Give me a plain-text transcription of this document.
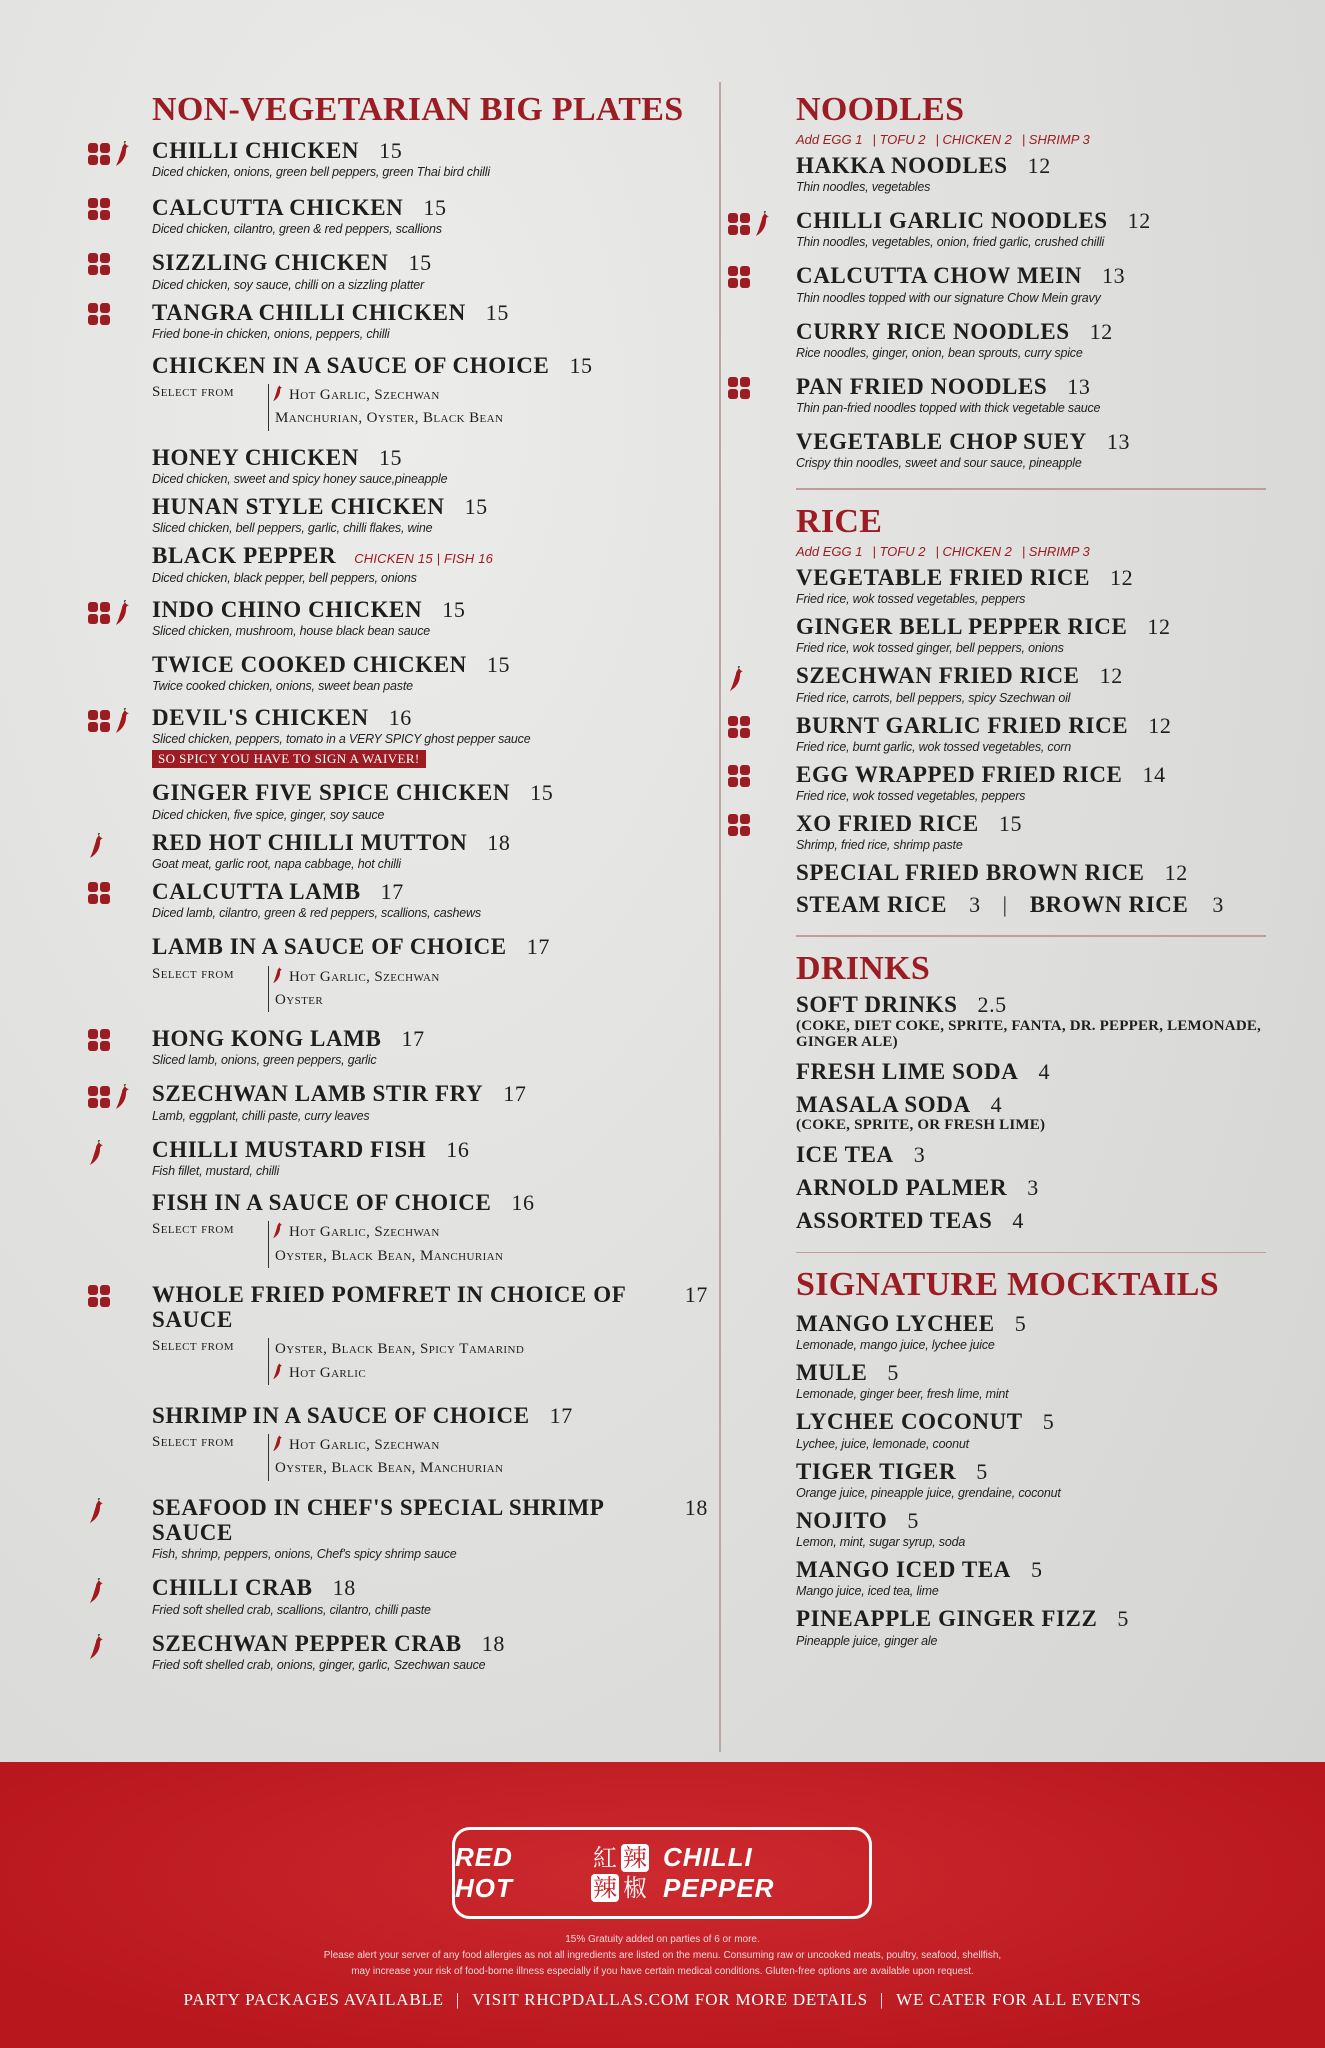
NON-VEGETARIAN BIG PLATES
CHILLI CHICKEN 15
Diced chicken, onions, green bell peppers, green Thai bird chilli
CALCUTTA CHICKEN 15
Diced chicken, cilantro, green & red peppers, scallions
SIZZLING CHICKEN 15
Diced chicken, soy sauce, chilli on a sizzling platter
TANGRA CHILLI CHICKEN 15
Fried bone-in chicken, onions, peppers, chilli
CHICKEN IN A SAUCE OF CHOICE 15
Select from	Hot Garlic, Szechwan
Manchurian, Oyster, Black Bean
HONEY CHICKEN 15
Diced chicken, sweet and spicy honey sauce,pineapple
HUNAN STYLE CHICKEN 15
Sliced chicken, bell peppers, garlic, chilli flakes, wine
BLACK PEPPER CHICKEN 15 | FISH 16
Diced chicken, black pepper, bell peppers, onions
INDO CHINO CHICKEN 15
Sliced chicken, mushroom, house black bean sauce
TWICE COOKED CHICKEN 15
Twice cooked chicken, onions, sweet bean paste
DEVIL'S CHICKEN 16
Sliced chicken, peppers, tomato in a VERY SPICY ghost pepper sauce
SO SPICY YOU HAVE TO SIGN A WAIVER!
GINGER FIVE SPICE CHICKEN 15
Diced chicken, five spice, ginger, soy sauce
RED HOT CHILLI MUTTON 18
Goat meat, garlic root, napa cabbage, hot chilli
CALCUTTA LAMB 17
Diced lamb, cilantro, green & red peppers, scallions, cashews
LAMB IN A SAUCE OF CHOICE 17
Select from	Hot Garlic, Szechwan
Oyster
HONG KONG LAMB 17
Sliced lamb, onions, green peppers, garlic
SZECHWAN LAMB STIR FRY 17
Lamb, eggplant, chilli paste, curry leaves
CHILLI MUSTARD FISH 16
Fish fillet, mustard, chilli
FISH IN A SAUCE OF CHOICE 16
Select from	Hot Garlic, Szechwan
Oyster, Black Bean, Manchurian
WHOLE FRIED POMFRET IN CHOICE OF SAUCE
17
Select from	Oyster, Black Bean, Spicy Tamarind
Hot Garlic
SHRIMP IN A SAUCE OF CHOICE 17
Select from	Hot Garlic, Szechwan
Oyster, Black Bean, Manchurian
SEAFOOD IN CHEF'S SPECIAL SHRIMP SAUCE
18
Fish, shrimp, peppers, onions, Chef's spicy shrimp sauce
CHILLI CRAB 18
Fried soft shelled crab, scallions, cilantro, chilli paste
SZECHWAN PEPPER CRAB 18
Fried soft shelled crab, onions, ginger, garlic, Szechwan sauce
NOODLES
Add EGG 1 | TOFU 2 | CHICKEN 2 | SHRIMP 3
HAKKA NOODLES 12
Thin noodles, vegetables
CHILLI GARLIC NOODLES 12
Thin noodles, vegetables, onion, fried garlic, crushed chilli
CALCUTTA CHOW MEIN 13
Thin noodles topped with our signature Chow Mein gravy
CURRY RICE NOODLES 12
Rice noodles, ginger, onion, bean sprouts, curry spice
PAN FRIED NOODLES 13
Thin pan-fried noodles topped with thick vegetable sauce
VEGETABLE CHOP SUEY 13
Crispy thin noodles, sweet and sour sauce, pineapple
RICE
Add EGG 1 | TOFU 2 | CHICKEN 2 | SHRIMP 3
VEGETABLE FRIED RICE 12
Fried rice, wok tossed vegetables, peppers
GINGER BELL PEPPER RICE 12
Fried rice, wok tossed ginger, bell peppers, onions
SZECHWAN FRIED RICE 12
Fried rice, carrots, bell peppers, spicy Szechwan oil
BURNT GARLIC FRIED RICE 12
Fried rice, burnt garlic, wok tossed vegetables, corn
EGG WRAPPED FRIED RICE 14
Fried rice, wok tossed vegetables, peppers
XO FRIED RICE 15
Shrimp, fried rice, shrimp paste
SPECIAL FRIED BROWN RICE 12
STEAM RICE 3 | BROWN RICE 3
DRINKS
SOFT DRINKS 2.5
(COKE, DIET COKE, SPRITE, FANTA, DR. PEPPER, LEMONADE, GINGER ALE)
FRESH LIME SODA 4
MASALA SODA 4
(COKE, SPRITE, OR FRESH LIME)
ICE TEA 3
ARNOLD PALMER 3
ASSORTED TEAS 4
SIGNATURE MOCKTAILS
MANGO LYCHEE 5
Lemonade, mango juice, lychee juice
MULE 5
Lemonade, ginger beer, fresh lime, mint
LYCHEE COCONUT 5
Lychee, juice, lemonade, coonut
TIGER TIGER 5
Orange juice, pineapple juice, grendaine, coconut
NOJITO 5
Lemon, mint, sugar syrup, soda
MANGO ICED TEA 5
Mango juice, iced tea, lime
PINEAPPLE GINGER FIZZ 5
Pineapple juice, ginger ale
RED HOT
紅 辣
辣 椒
CHILLI PEPPER
15% Gratuity added on parties of 6 or more.
Please alert your server of any food allergies as not all ingredients are listed on the menu. Consuming raw or uncooked meats, poultry, seafood, shellfish,
may increase your risk of food-borne illness especially if you have certain medical conditions. Gluten-free options are available upon request.
PARTY PACKAGES AVAILABLE | VISIT RHCPDALLAS.COM FOR MORE DETAILS | WE CATER FOR ALL EVENTS
